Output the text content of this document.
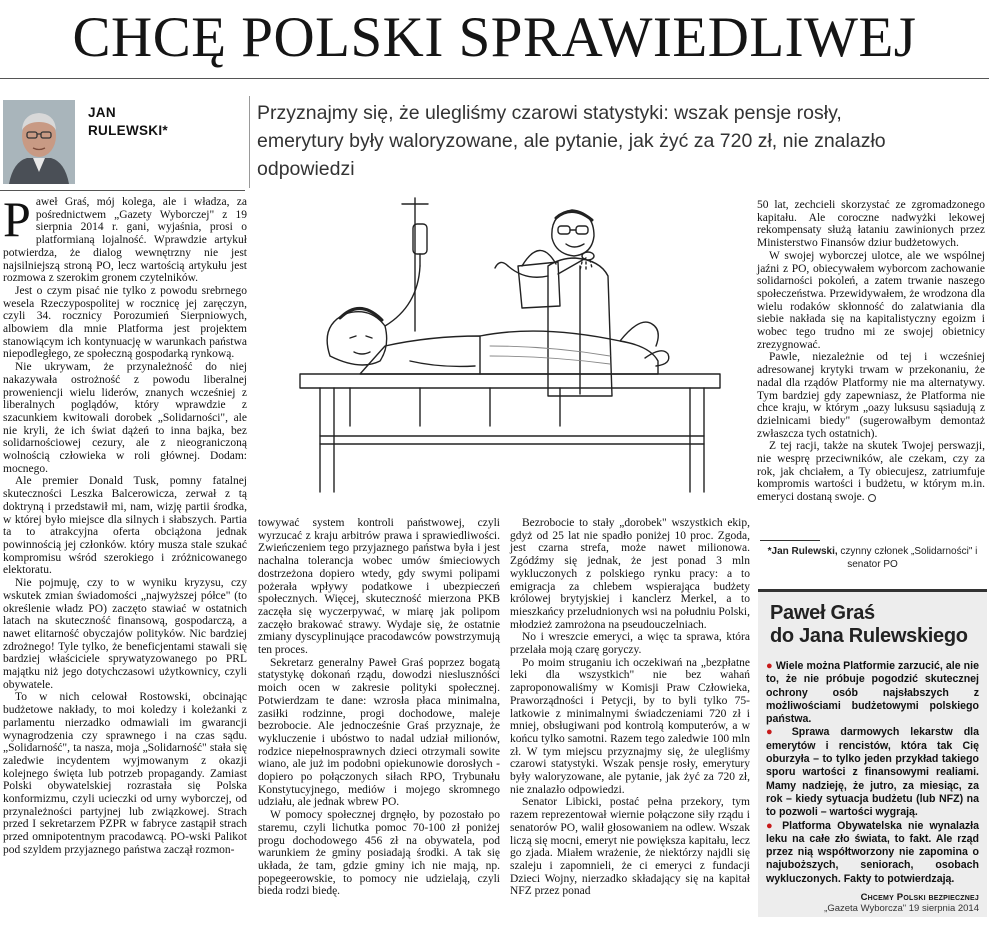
CHCĘ POLSKI SPRAWIEDLIWEJ
JAN
RULEWSKI*
Przyznajmy się, że ulegliśmy czarowi statystyki: wszak pensje rosły, emerytury były waloryzowane, ale pytanie, jak żyć za 720 zł, nie znalazło odpowiedzi

Paweł Graś, mój kolega, ale i władza, za pośrednictwem „Gazety Wyborczej" z 19 sierpnia 2014 r. gani, wyjaśnia, prosi o platformianą lojalność. Wprawdzie artykuł potwierdza, że dialog wewnętrzny nie jest najsilniejszą stroną PO, lecz wartością artykułu jest rozmowa z szerokim gronem czytelników.

Jest o czym pisać nie tylko z powodu srebrnego wesela Rzeczypospolitej w rocznicę jej zaręczyn, czyli 34. rocznicy Porozumień Sierpniowych, albowiem dla mnie Platforma jest projektem stanowiącym ich kontynuację w warunkach państwa niepodległego, ze społeczną gospodarką rynkową.

Nie ukrywam, że przynależność do niej nakazywała ostrożność z powodu liberalnej proweniencji wielu liderów, znanych wcześniej z liberalnych poglądów, który wprawdzie z szacunkiem kwitowali dorobek „Solidarności", ale nie kryli, że ich świat dążeń to inna bajka, bez solidarnościowej cezury, ale z nieograniczoną wolnością człowieka w roli głównej. Dodam: mocnego.

Ale premier Donald Tusk, pomny fatalnej skuteczności Leszka Balcerowicza, zerwał z tą doktryną i przedstawił mi, nam, wizję partii środka, w której było miejsce dla silnych i słabszych. Partia ta to atrakcyjna oferta obciążona jednak powinnością jej członków. który musza stale szukać kompromisu wśród szerokiego i zróżnicowanego elektoratu.

Nie pojmuję, czy to w wyniku kryzysu, czy wskutek zmian świadomości „najwyższej półce" (to określenie władz PO) zaczęto stawiać w ostatnich latach na skuteczność finansową, gospodarczą, a nawet elitarność obyczajów polityków. Nic bardziej zdrożnego! Tyle tylko, że beneficjentami stawali się bardziej właściciele sprywatyzowanego po PRL majątku niż jego dotychczasowi użytkownicy, czyli obywatele.

To w nich celował Rostowski, obcinając budżetowe nakłady, to moi koledzy i koleżanki z parlamentu nierzadko odmawiali im gwarancji wynagrodzenia czy sprawnego i na czas sądu. „Solidarność", ta nasza, moja „Solidarność" stała się zaledwie incydentem wyjmowanym z okazji kolejnego święta lub potrzeb propagandy. Zamiast Polski obywatelskiej rozrastała się Polska konformizmu, czyli ucieczki od urny wyborczej, od przynależności partyjnej lub związkowej. Strach przed I sekretarzem PZPR w fabryce zastąpił strach przed omnipotentnym pracodawcą. PO-wski Palikot pod szyldem przyjaznego państwa zaczął rozmon-

towywać system kontroli państwowej, czyli wyrzucać z kraju arbitrów prawa i sprawiedliwości. Zwieńczeniem tego przyjaznego państwa była i jest nachalna tolerancja wobec umów śmieciowych dostrzeżona dopiero wtedy, gdy swymi polipami pożerała wpływy podatkowe i ubezpieczeń społecznych. Więcej, skuteczność mierzona PKB zaczęła się wyczerpywać, w miarę jak polipom zaczęło brakować strawy. Wydaje się, że ostatnie zmiany dyscyplinujące pracodawców powstrzymują ten proces.

Sekretarz generalny Paweł Graś poprzez bogatą statystykę dokonań rządu, dowodzi nieslusznóści moich ocen w zakresie polityki społecznej. Potwierdzam te dane: wzrosła płaca minimalna, zasiłki rodzinne, progi dochodowe, maleje bezrobocie. Ale jednocześnie Graś przyznaje, że wykluczenie i ubóstwo to nadal udział milionów, rodzice niepełnosprawnych dzieci otrzymali sowite wiano, ale już im podobni opiekunowie dorosłych - dopiero po połączonych siłach RPO, Trybunału Konstytucyjnego, mediów i mojego skromnego udziału, ale jednak wbrew PO.

W pomocy społecznej drgnęło, by pozostało po staremu, czyli lichutka pomoc 70-100 zł poniżej progu dochodowego 456 zł na obywatela, pod warunkiem że gminy posiadają środki. A tak się układa, że tam, gdzie gminy ich nie mają, np. popegeerowskie, to pomocy nie udzielają, czyli bieda rodzi biedę.

Bezrobocie to stały „dorobek" wszystkich ekip, gdyż od 25 lat nie spadło poniżej 10 proc. Zgoda, jest czarna strefa, może nawet milionowa. Zgódźmy się jednak, że jest ponad 3 mln wykluczonych z polskiego rynku pracy: a to emigracja za chlebem wspierająca budżety królowej brytyjskiej i kanclerz Merkel, a to mieszkańcy przeludnionych wsi na południu Polski, młodzież zamrożona na pseudouczelniach.

No i wreszcie emeryci, a więc ta sprawa, która przelała moją czarę goryczy.

Po moim struganiu ich oczekiwań na „bezpłatne leki dla wszystkich" nie bez wahań zaproponowaliśmy w Komisji Praw Człowieka, Praworządności i Petycji, by to byli tylko 75-latkowie z minimalnymi świadczeniami 720 zł i mniej, obsługiwani pod kontrolą komputerów, a w końcu tylko samotni. Razem tego zaledwie 100 mln zł. W tym miejscu przyznajmy się, że ulegliśmy czarowi statystyki. Wszak pensje rosły, emerytury były waloryzowane, ale pytanie, jak żyć za 720 zł, nie znalazło odpowiedzi.

Senator Libicki, postać pełna przekory, tym razem reprezentował wiernie połączone siły rządu i senatorów PO, walił głosowaniem na odlew. Wszak liczą się mocni, emeryt nie powiększa kapitału, lecz go zjada. Miałem wrażenie, że niektórzy najdli się szaleju i zapomnieli, że ci emeryci z fundacji Dzieci Wojny, nierzadko składający się na kapitał NFZ przez ponad

50 lat, zechcieli skorzystać ze zgromadzonego kapitału. Ale coroczne nadwyżki lekowej rekompensaty służą łataniu zawinionych przez Ministerstwo Finansów dziur budżetowych.

W swojej wyborczej ulotce, ale we wspólnej jaźni z PO, obiecywałem wyborcom zachowanie solidarności pokoleń, a zatem trwanie naszego społeczeństwa. Przewidywałem, że wrodzona dla wielu rodaków skłonność do zalatwiania dla siebie nakłada się na kapitalistyczny egoizm i wobec tego trudno mi ze swojej obietnicy zrezygnować.

Pawle, niezależnie od tej i wcześniej adresowanej krytyki trwam w przekonaniu, że nadal dla rządów Platformy nie ma alternatywy. Tym bardziej gdy zapewniasz, że Platforma nie chce kraju, w którym „oazy luksusu sąsiadują z dzielnicami biedy" (sugerowałbym demontaż zwłaszcza tych ostatnich).

Z tej racji, także na skutek Twojej perswazji, nie wesprę przeciwników, ale czekam, czy za rok, jak chciałem, a Ty obiecujesz, zatriumfuje kompromis wartości i budżetu, w którym m.in. emeryci dostaną swoje.

*Jan Rulewski, czynny członek „Solidarności" i senator PO
Paweł Graś
do Jana Rulewskiego

● Wiele można Platformie zarzucić, ale nie to, że nie próbuje pogodzić skutecznej ochrony osób najsłabszych z możliwościami budżetowymi polskiego państwa.

● Sprawa darmowych lekarstw dla emerytów i rencistów, która tak Cię oburzyła – to tylko jeden przykład takiego sporu wartości z finansowymi realiami. Mamy nadzieję, że jutro, za miesiąc, za rok – kiedy sytuacja budżetu (lub NFZ) na to pozwoli – wartości wygrają.

● Platforma Obywatelska nie wynalazła leku na całe zło świata, to fakt. Ale rząd przez nią współtworzony nie zapomina o najuboższych, seniorach, osobach wykluczonych. Fakty to potwierdzają.

Chcemy Polski bezpiecznej
„Gazeta Wyborcza" 19 sierpnia 2014
